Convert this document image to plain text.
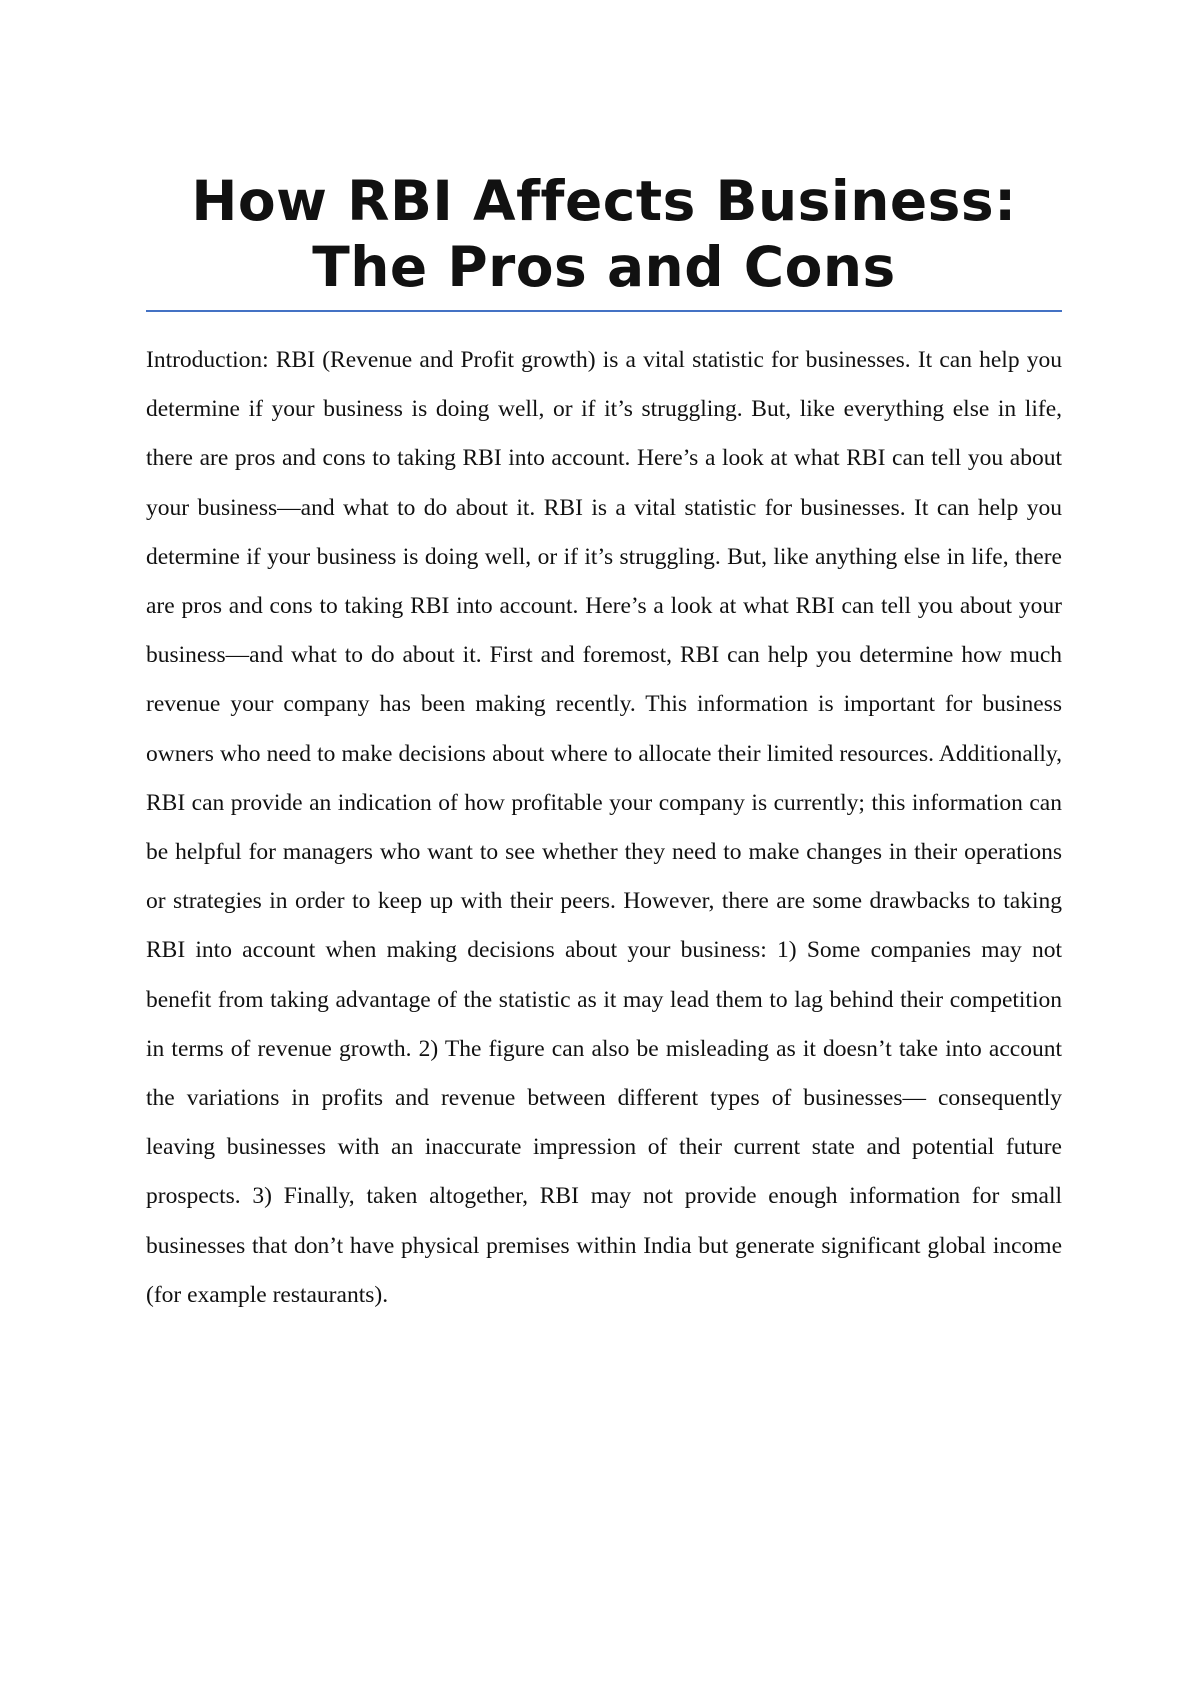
How RBI Affects Business:
The Pros and Cons

Introduction: RBI (Revenue and Profit growth) is a vital statistic for businesses. It can help you determine if your business is doing well, or if it’s struggling. But, like everything else in life, there are pros and cons to taking RBI into account. Here’s a look at what RBI can tell you about your business—and what to do about it. RBI is a vital statistic for businesses. It can help you determine if your business is doing well, or if it’s struggling. But, like anything else in life, there are pros and cons to taking RBI into account. Here’s a look at what RBI can tell you about your business—and what to do about it. First and foremost, RBI can help you determine how much revenue your company has been making recently. This information is important for business owners who need to make decisions about where to allocate their limited resources. Additionally, RBI can provide an indication of how profitable your company is currently; this information can be helpful for managers who want to see whether they need to make changes in their operations or strategies in order to keep up with their peers. However, there are some drawbacks to taking RBI into account when making decisions about your business: 1) Some companies may not benefit from taking advantage of the statistic as it may lead them to lag behind their competition in terms of revenue growth. 2) The figure can also be misleading as it doesn’t take into account the variations in profits and revenue between different types of businesses— consequently leaving businesses with an inaccurate impression of their current state and potential future prospects. 3) Finally, taken altogether, RBI may not provide enough information for small businesses that don’t have physical premises within India but generate significant global income (for example restaurants).
